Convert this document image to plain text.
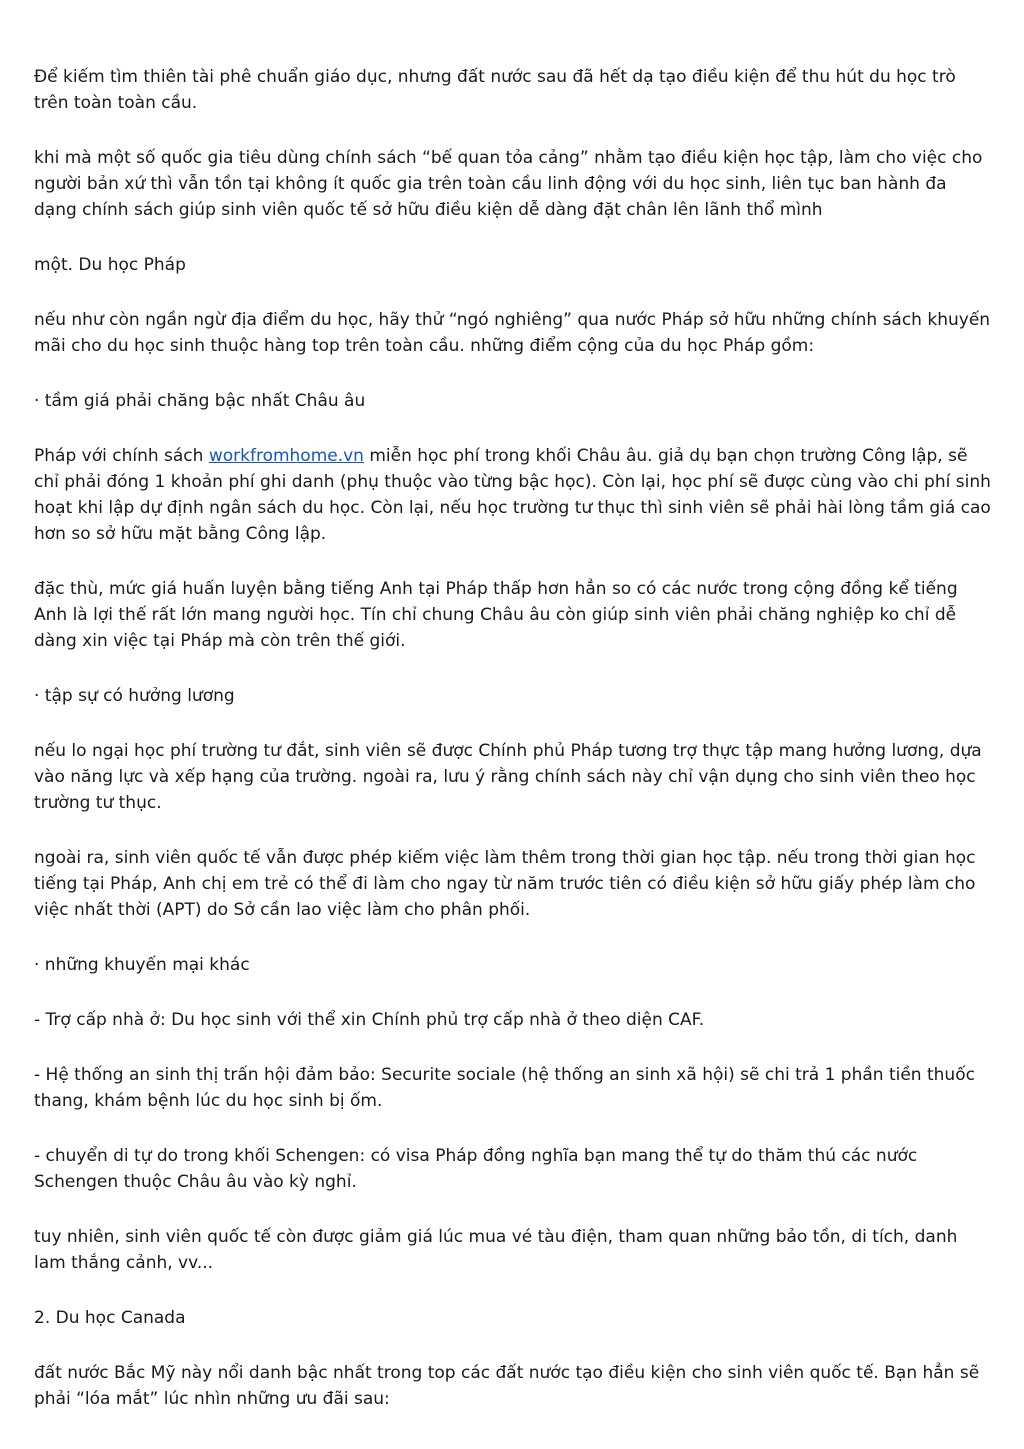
Để kiếm tìm thiên tài phê chuẩn giáo dục, nhưng đất nước sau đã hết dạ tạo điều kiện để thu hút du học trò trên toàn toàn cầu.

khi mà một số quốc gia tiêu dùng chính sách “bế quan tỏa cảng” nhằm tạo điều kiện học tập, làm cho việc cho người bản xứ thì vẫn tồn tại không ít quốc gia trên toàn cầu linh động với du học sinh, liên tục ban hành đa dạng chính sách giúp sinh viên quốc tế sở hữu điều kiện dễ dàng đặt chân lên lãnh thổ mình

một. Du học Pháp

nếu như còn ngần ngừ địa điểm du học, hãy thử “ngó nghiêng” qua nước Pháp sở hữu những chính sách khuyến mãi cho du học sinh thuộc hàng top trên toàn cầu. những điểm cộng của du học Pháp gồm:

· tầm giá phải chăng bậc nhất Châu âu

Pháp với chính sách workfromhome.vn miễn học phí trong khối Châu âu. giả dụ bạn chọn trường Công lập, sẽ chỉ phải đóng 1 khoản phí ghi danh (phụ thuộc vào từng bậc học). Còn lại, học phí sẽ được cùng vào chi phí sinh hoạt khi lập dự định ngân sách du học. Còn lại, nếu học trường tư thục thì sinh viên sẽ phải hài lòng tầm giá cao hơn so sở hữu mặt bằng Công lập.

đặc thù, mức giá huấn luyện bằng tiếng Anh tại Pháp thấp hơn hẳn so có các nước trong cộng đồng kể tiếng Anh là lợi thế rất lớn mang người học. Tín chỉ chung Châu âu còn giúp sinh viên phải chăng nghiệp ko chỉ dễ dàng xin việc tại Pháp mà còn trên thế giới.

· tập sự có hưởng lương

nếu lo ngại học phí trường tư đắt, sinh viên sẽ được Chính phủ Pháp tương trợ thực tập mang hưởng lương, dựa vào năng lực và xếp hạng của trường. ngoài ra, lưu ý rằng chính sách này chỉ vận dụng cho sinh viên theo học trường tư thục.

ngoài ra, sinh viên quốc tế vẫn được phép kiếm việc làm thêm trong thời gian học tập. nếu trong thời gian học tiếng tại Pháp, Anh chị em trẻ có thể đi làm cho ngay từ năm trước tiên có điều kiện sở hữu giấy phép làm cho việc nhất thời (APT) do Sở cần lao việc làm cho phân phối.

· những khuyến mại khác

- Trợ cấp nhà ở: Du học sinh với thể xin Chính phủ trợ cấp nhà ở theo diện CAF.

- Hệ thống an sinh thị trấn hội đảm bảo: Securite sociale (hệ thống an sinh xã hội) sẽ chi trả 1 phần tiền thuốc thang, khám bệnh lúc du học sinh bị ốm.

- chuyển di tự do trong khối Schengen: có visa Pháp đồng nghĩa bạn mang thể tự do thăm thú các nước Schengen thuộc Châu âu vào kỳ nghỉ.

tuy nhiên, sinh viên quốc tế còn được giảm giá lúc mua vé tàu điện, tham quan những bảo tồn, di tích, danh lam thắng cảnh, vv...

2. Du học Canada

đất nước Bắc Mỹ này nổi danh bậc nhất trong top các đất nước tạo điều kiện cho sinh viên quốc tế. Bạn hẳn sẽ phải “lóa mắt” lúc nhìn những ưu đãi sau:
